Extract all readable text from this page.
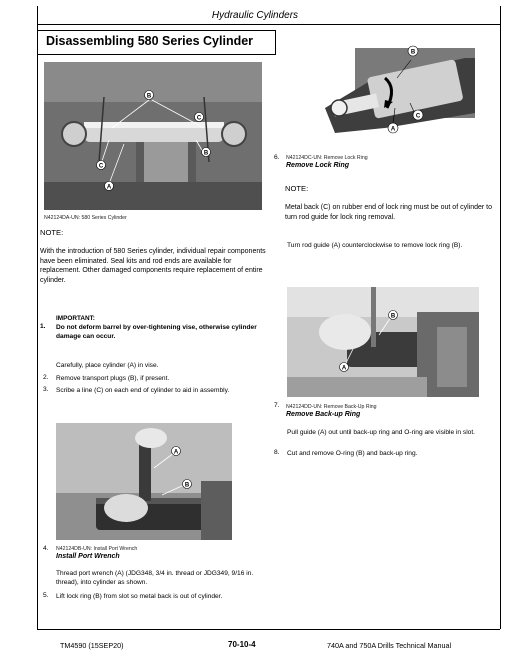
Hydraulic Cylinders
Disassembling 580 Series Cylinder
B
B
C
C
A
N42124DA-UN: 580 Series Cylinder
NOTE:
With the introduction of 580 Series cylinder, individual repair components have been eliminated. Seal kits and rod ends are available for replacement. Other damaged components require replacement of entire cylinder.
IMPORTANT:
1. Do not deform barrel by over-tightening vise, otherwise cylinder damage can occur.
Carefully, place cylinder (A) in vise.
2. Remove transport plugs (B), if present.
3. Scribe a line (C) on each end of cylinder to aid in assembly.
A
B
4. N42124DB-UN: Install Port Wrench
Install Port Wrench
Thread port wrench (A) (JDG348, 3/4 in. thread or JDG349, 9/16 in. thread), into cylinder as shown.
5. Lift lock ring (B) from slot so metal back is out of cylinder.
B
C
A
6. N42124DC-UN: Remove Lock Ring
Remove Lock Ring
NOTE:
Metal back (C) on rubber end of lock ring must be out of cylinder to turn rod guide for lock ring removal.
Turn rod guide (A) counterclockwise to remove lock ring (B).
B
A
7. N42124DD-UN: Remove Back-Up Ring
Remove Back-up Ring
Pull guide (A) out until back-up ring and O-ring are visible in slot.
8. Cut and remove O-ring (B) and back-up ring.
TM4590 (15SEP20)	70-10-4	740A and 750A Drills Technical Manual
